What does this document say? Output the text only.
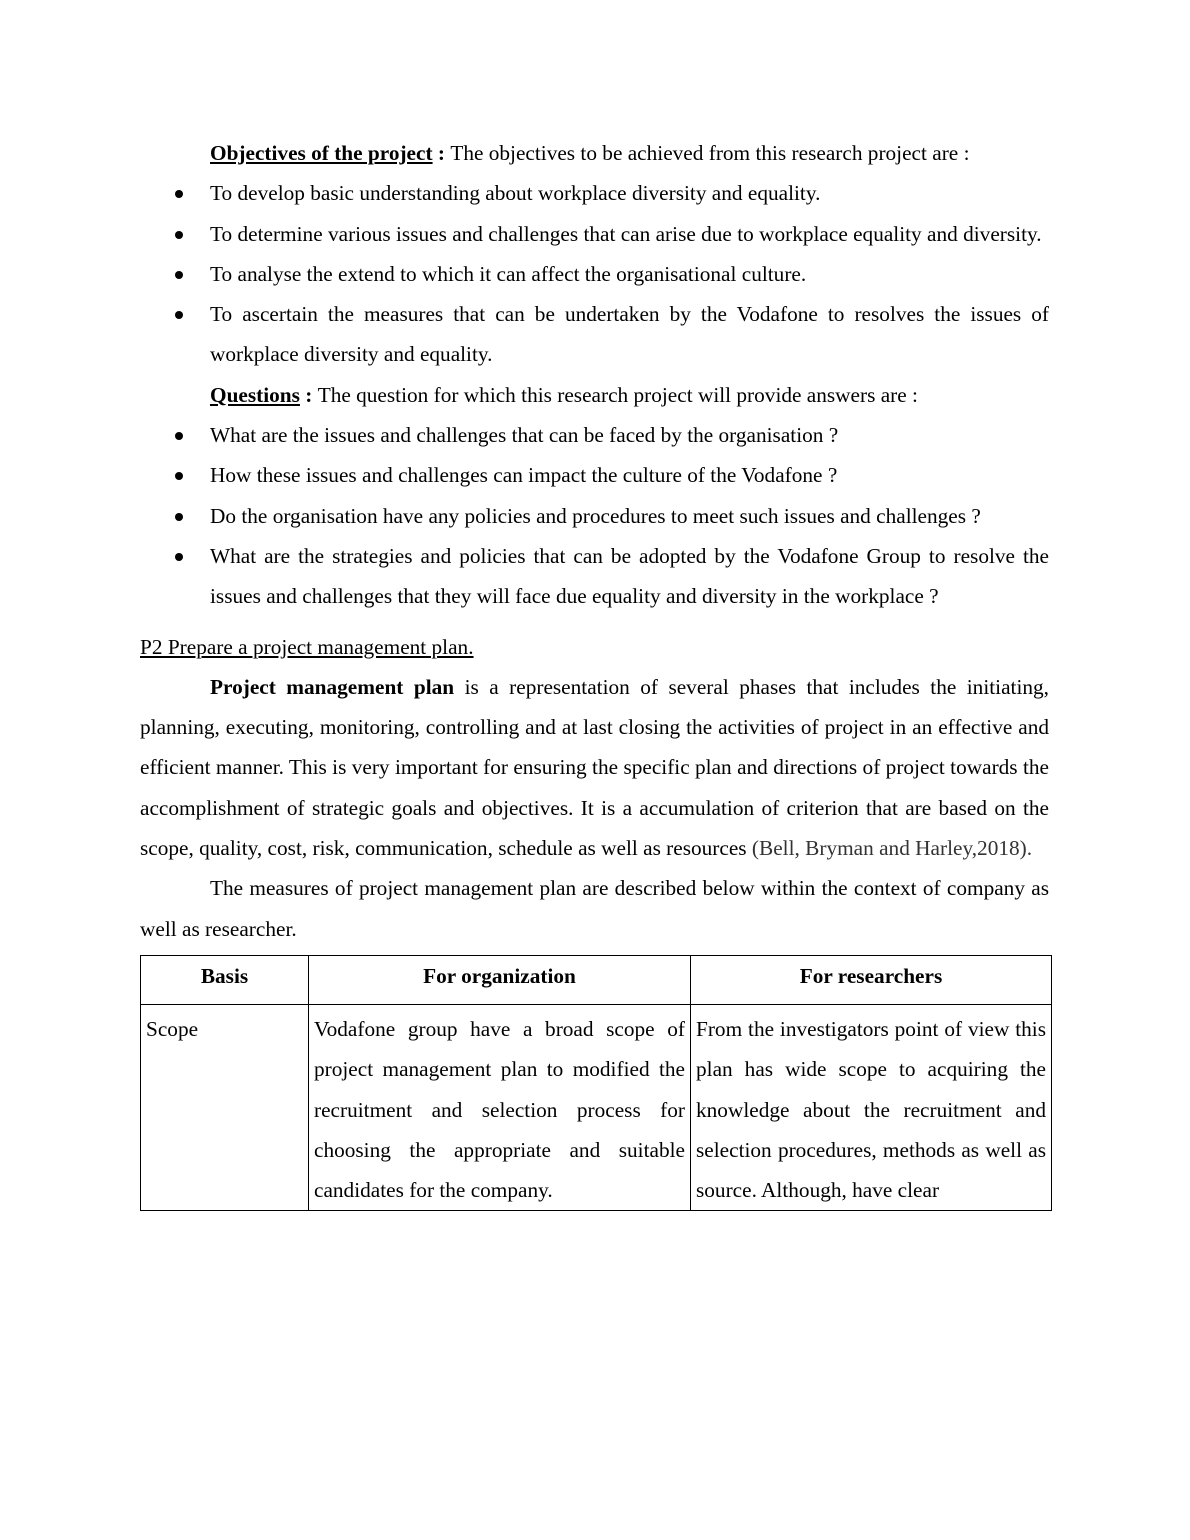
Objectives of the project : The objectives to be achieved from this research project are :

To develop basic understanding about workplace diversity and equality.
To determine various issues and challenges that can arise due to workplace equality and diversity.
To analyse the extend to which it can affect the organisational culture.
To ascertain the measures that can be undertaken by the Vodafone to resolves the issues of workplace diversity and equality.

Questions : The question for which this research project will provide answers are :

What are the issues and challenges that can be faced by the organisation ?
How these issues and challenges can impact the culture of the Vodafone ?
Do the organisation have any policies and procedures to meet such issues and challenges ?
What are the strategies and policies that can be adopted by the Vodafone Group to resolve the issues and challenges that they will face due equality and diversity in the workplace ?

P2 Prepare a project management plan.

Project management plan is a representation of several phases that includes the initiating, planning, executing, monitoring, controlling and at last closing the activities of project in an effective and efficient manner. This is very important for ensuring the specific plan and directions of project towards the accomplishment of strategic goals and objectives. It is a accumulation of criterion that are based on the scope, quality, cost, risk, communication, schedule as well as resources (Bell, Bryman and Harley,2018).

The measures of project management plan are described below within the context of company as well as researcher.

Basis	For organization	For researchers
Scope	Vodafone group have a broad scope of project management plan to modified the recruitment and selection process for choosing the appropriate and suitable candidates for the company.	From the investigators point of view this plan has wide scope to acquiring the knowledge about the recruitment and selection procedures, methods as well as source. Although, have clear
